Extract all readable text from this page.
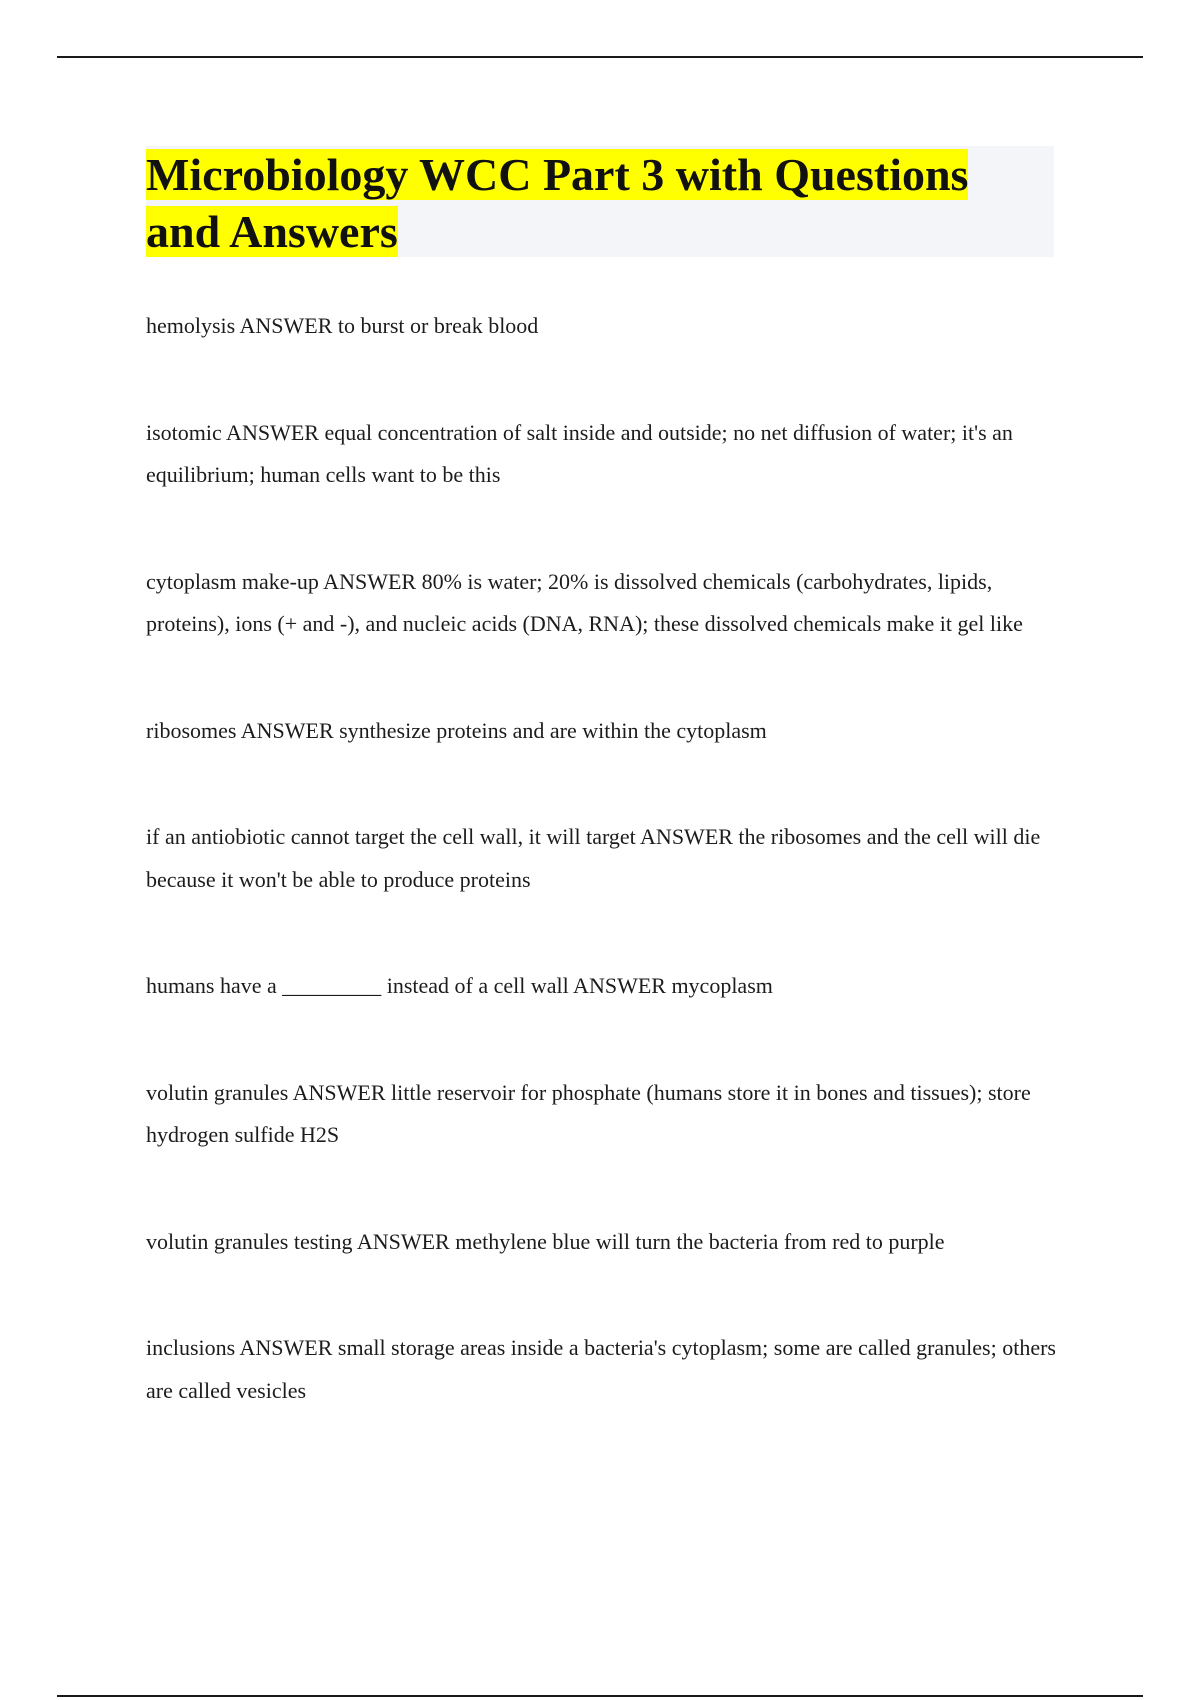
Microbiology WCC Part 3 with Questions and Answers

hemolysis ANSWER to burst or break blood

isotomic ANSWER equal concentration of salt inside and outside; no net diffusion of water; it's an equilibrium; human cells want to be this

cytoplasm make-up ANSWER 80% is water; 20% is dissolved chemicals (carbohydrates, lipids, proteins), ions (+ and -), and nucleic acids (DNA, RNA); these dissolved chemicals make it gel like

ribosomes ANSWER synthesize proteins and are within the cytoplasm

if an antiobiotic cannot target the cell wall, it will target ANSWER the ribosomes and the cell will die because it won't be able to produce proteins

humans have a _________ instead of a cell wall ANSWER mycoplasm

volutin granules ANSWER little reservoir for phosphate (humans store it in bones and tissues); store hydrogen sulfide H2S

volutin granules testing ANSWER methylene blue will turn the bacteria from red to purple

inclusions ANSWER small storage areas inside a bacteria's cytoplasm; some are called granules; others are called vesicles
